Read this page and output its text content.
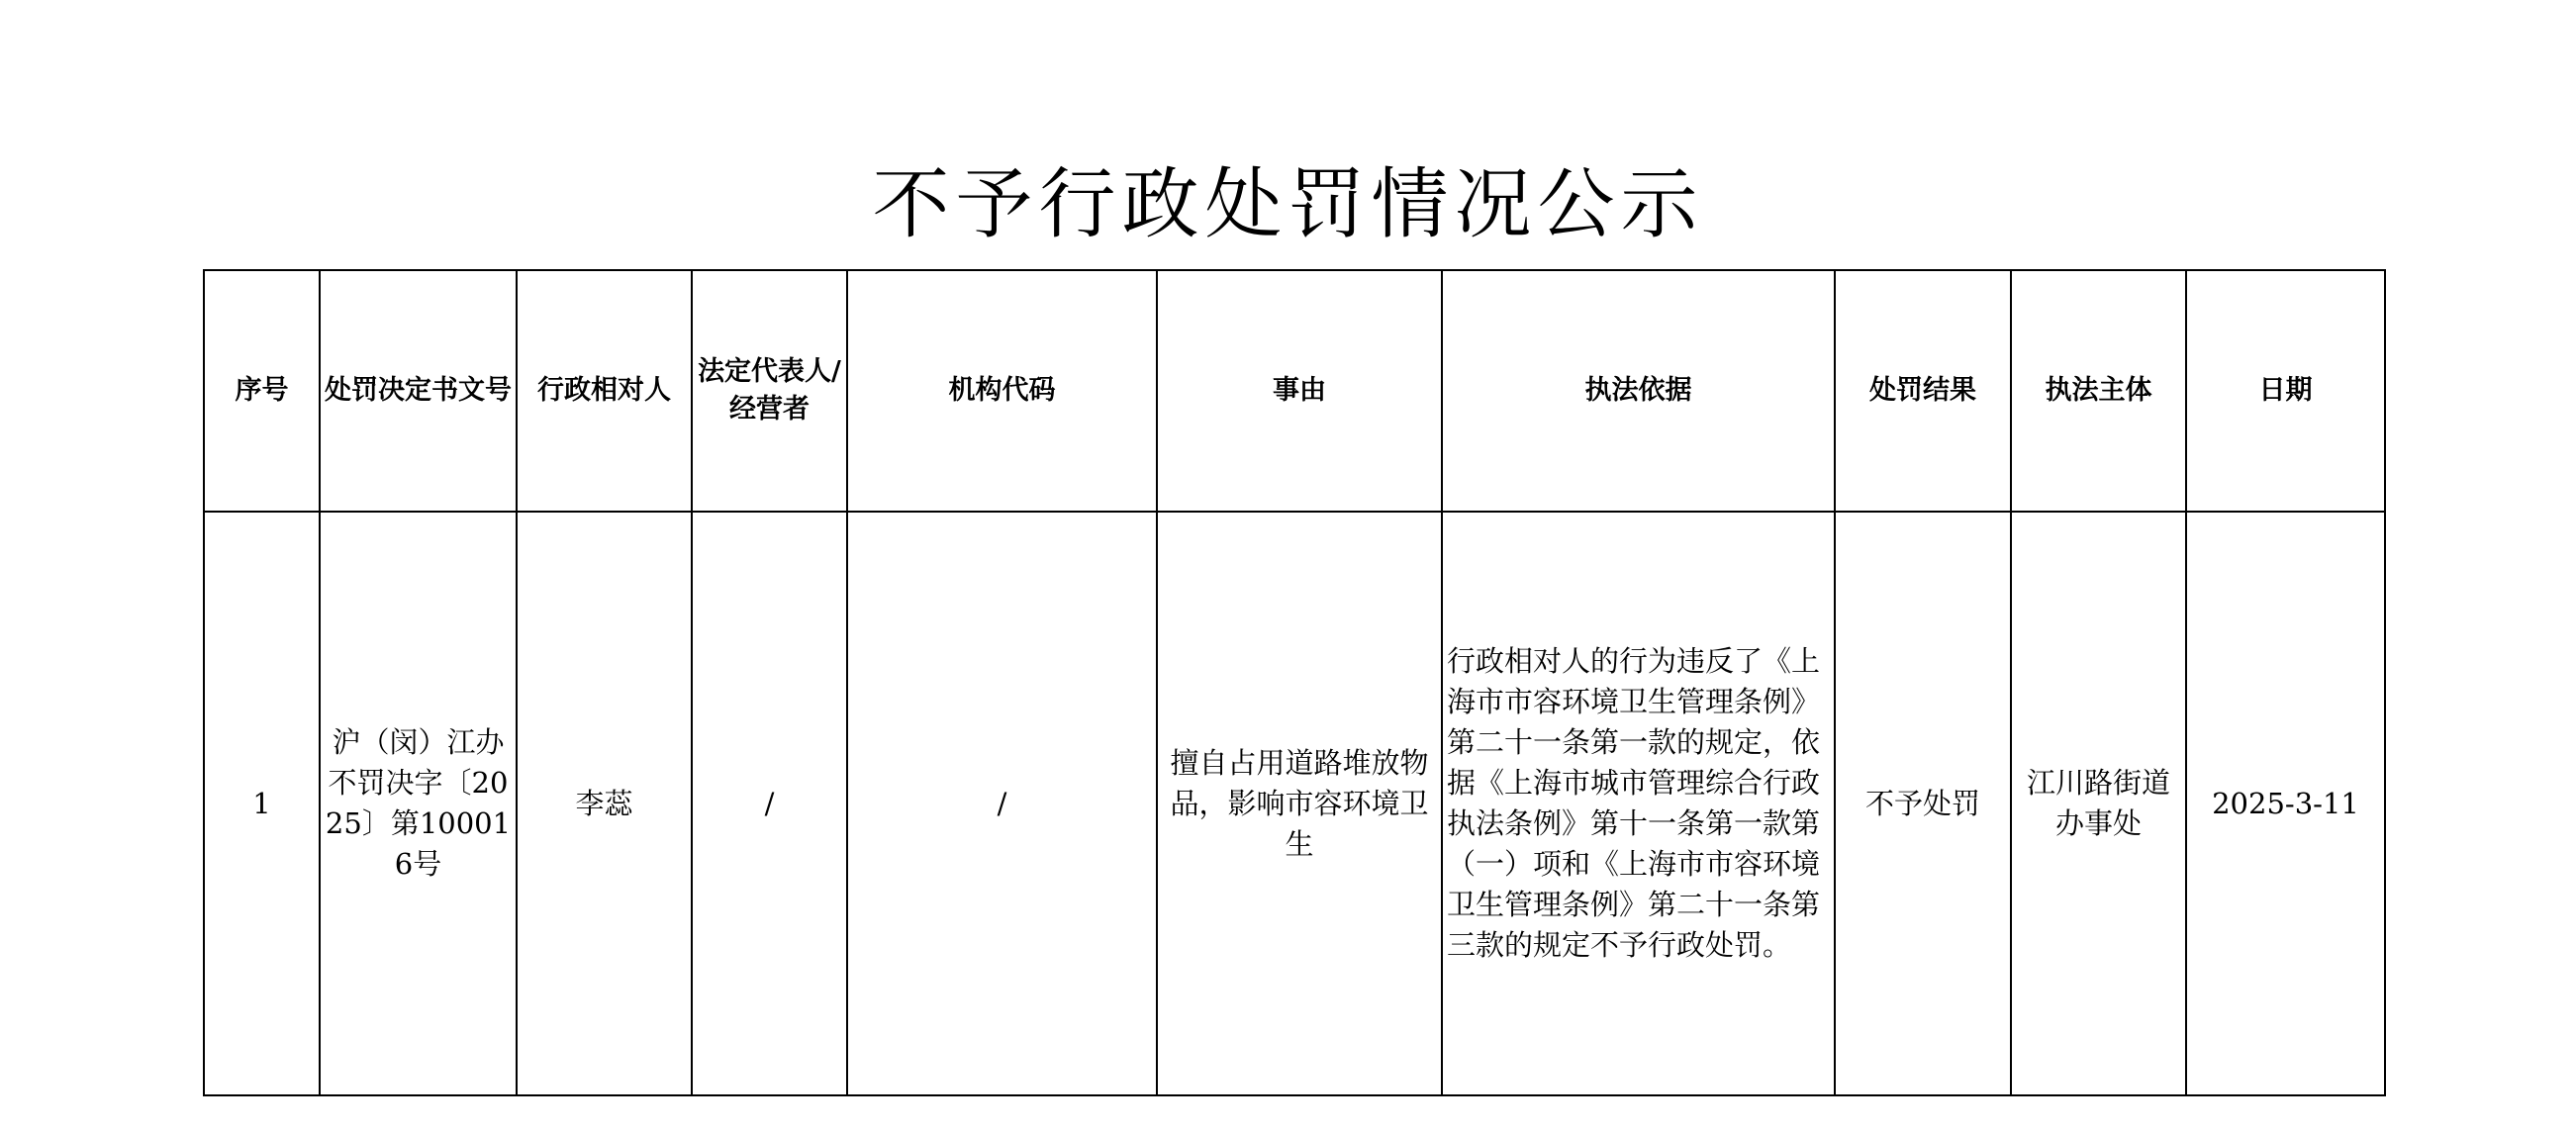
不予行政处罚情况公示
序号	处罚决定书文号	行政相对人	法定代表人/经营者	机构代码	事由	执法依据	处罚结果	执法主体	日期

1	沪（闵）江办不罚决字〔2025〕第100016号	李蕊	/	/	擅自占用道路堆放物品，影响市容环境卫生	行政相对人的行为违反了《上海市市容环境卫生管理条例》第二十一条第一款的规定，依据《上海市城市管理综合行政执法条例》第十一条第一款第（一）项和《上海市市容环境卫生管理条例》第二十一条第三款的规定不予行政处罚。	不予处罚	江川路街道办事处	2025-3-11
